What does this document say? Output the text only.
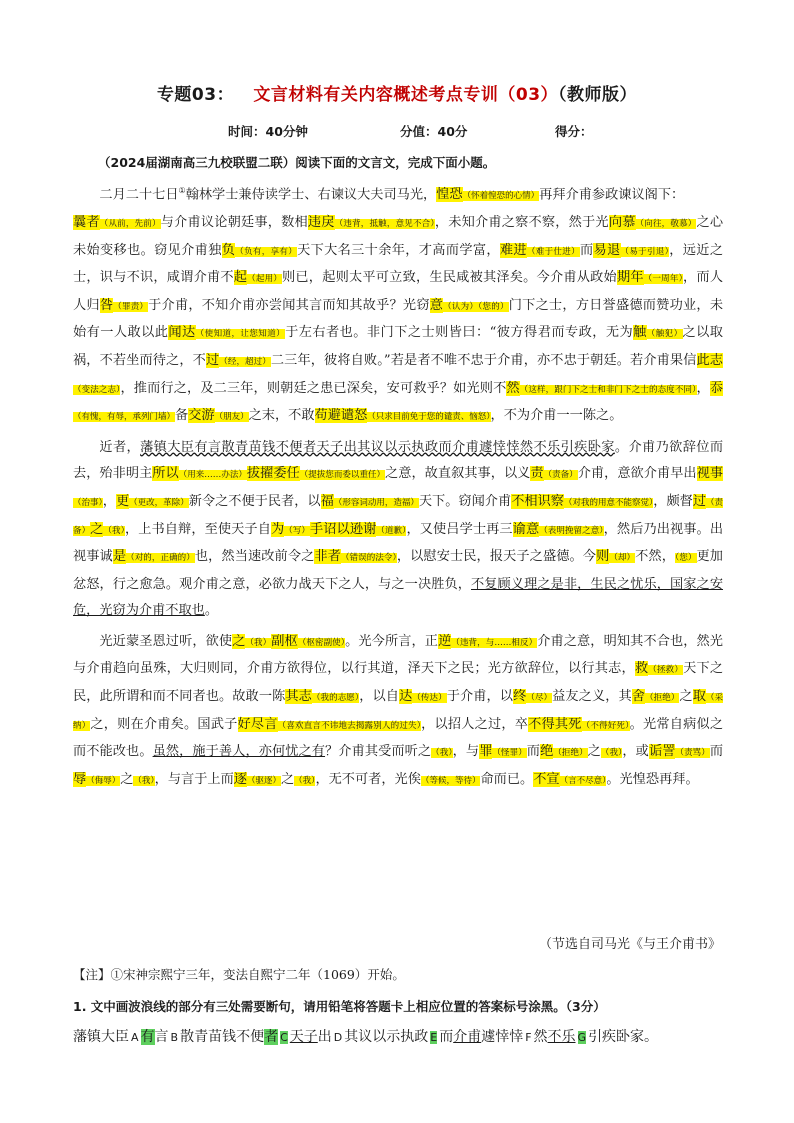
专题03： 文言材料有关内容概述考点专训（03）（教师版）
时间：40分钟	分值：40分	得分：
（2024届湖南高三九校联盟二联）阅读下面的文言文，完成下面小题。

二月二十七日①翰林学士兼侍读学士、右谏议大夫司马光，惶恐（怀着惶恐的心情）再拜介甫参政谏议阁下：
曩者（从前，先前）与介甫议论朝廷事，数相违戾（违背，抵触，意见不合），未知介甫之察不察，然于光向慕（向往，敬慕）之心未始变移也。窃见介甫独负（负有，享有）天下大名三十余年，才高而学富，难进（难于仕进）而易退（易于引退），远近之士，识与不识，咸谓介甫不起（起用）则已，起则太平可立致，生民咸被其泽矣。今介甫从政始期年（一周年），而人人归咎（罪责）于介甫，不知介甫亦尝闻其言而知其故乎？光窃意（认为）（您的）门下之士，方日誉盛德而赞功业，未始有一人敢以此闻达（使知道，让您知道）于左右者也。非门下之士则皆曰：“彼方得君而专政，无为触（触犯）之以取祸，不若坐而待之，不过（经，超过）二三年，彼将自败。”若是者不唯不忠于介甫，亦不忠于朝廷。若介甫果信此志（变法之志），推而行之，及二三年，则朝廷之患已深矣，安可救乎？如光则不然（这样，跟门下之士和非门下之士的态度不同），忝（有愧，有辱，承列门墙）备交游（朋友）之末，不敢苟避谴怒（只求目前免于您的谴责、恼怒），不为介甫一一陈之。

近者，藩镇大臣有言散青苗钱不便者天子出其议以示执政而介甫遽悻悻然不乐引疾卧家。介甫乃欲辞位而去，殆非明主所以（用来……办法）拔擢委任（提拔您而委以重任）之意，故直叙其事，以义责（责备）介甫，意欲介甫早出视事（治事），更（更改，革除）新令之不便于民者，以福（形容词动用，造福）天下。窃闻介甫不相识察（对我的用意不能察觉），颇督过（责备）之（我），上书自辩，至使天子自为（写）手诏以逊谢（道歉），又使吕学士再三谕意（表明挽留之意），然后乃出视事。出视事诚是（对的，正确的）也，然当速改前令之非者（错误的法令），以慰安士民，报天子之盛德。今则（却）不然，（您）更加忿怒，行之愈急。观介甫之意，必欲力战天下之人，与之一决胜负，不复顾义理之是非，生民之忧乐，国家之安危，光窃为介甫不取也。

光近蒙圣恩过听，欲使之（我）副枢（枢密副使）。光今所言，正逆（违背，与……相反）介甫之意，明知其不合也，然光与介甫趋向虽殊，大归则同，介甫方欲得位，以行其道，泽天下之民；光方欲辞位，以行其志，救（拯救）天下之民，此所谓和而不同者也。故敢一陈其志（我的志愿），以自达（传达）于介甫，以终（尽）益友之义，其舍（拒绝）之取（采纳）之，则在介甫矣。国武子好尽言（喜欢直言不讳地去揭露别人的过失），以招人之过，卒不得其死（不得好死）。光常自病似之而不能改也。虽然，施于善人，亦何忧之有？介甫其受而听之（我），与罪（怪罪）而绝（拒绝）之（我），或诟詈（责骂）而辱（侮辱）之（我），与言于上而逐（驱逐）之（我），无不可者，光俟（等候，等待）命而已。不宣（言不尽意）。光惶恐再拜。

（节选自司马光《与王介甫书》
【注】①宋神宗熙宁三年，变法自熙宁二年（1069）开始。
1. 文中画波浪线的部分有三处需要断句，请用铅笔将答题卡上相应位置的答案标号涂黑。（3分）
藩镇大臣 A 有言 B 散青苗钱不便者 C 天子出 D 其议以示执政 E 而介甫遽悻悻 F 然不乐 G 引疾卧家。
